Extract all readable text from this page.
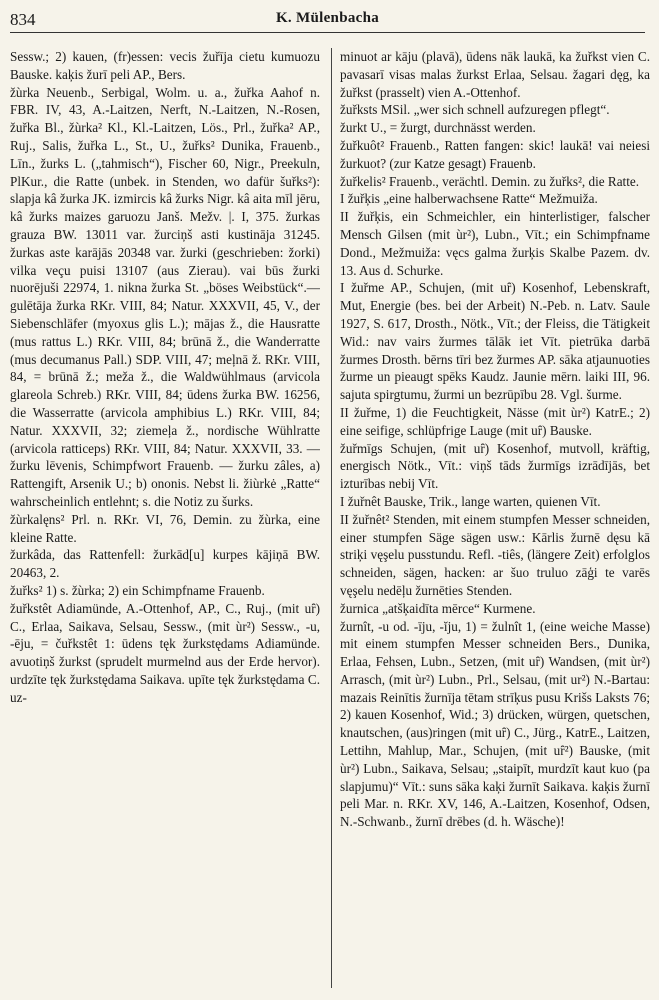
834	K. Mülenbacha

Sessw.; 2) kauen, (fr)essen: vecis žuřīja cietu kumuozu Bauske. kaķis žurī peli AP., Bers.

žùrka Neuenb., Serbigal, Wolm. u. a., žuřka Aahof n. FBR. IV, 43, A.-Laitzen, Nerft, N.-Laitzen, N.-Rosen, žuřka Bl., žùrka² Kl., Kl.-Laitzen, Lös., Prl., žuřka² AP., Ruj., Salis, žuřka L., St., U., žuřks² Dunika, Frauenb., Līn., žurks L. („tahmisch“), Fischer 60, Nigr., Preekuln, PlKur., die Ratte (unbek. in Stenden, wo dafür šuřks²): slapja kâ žurka JK. izmircis kâ žurks Nigr. kâ aita mīl jēru, kâ žurks maizes garuozu Janš. Mežv. |. I, 375. žurkas grauza BW. 13011 var. žurciņš asti kustināja 31245. žurkas aste karājās 20348 var. žurki (geschrieben: žorki) vilka veçu puisi 13107 (aus Zierau). vai būs žurki nuorējuši 22974, 1. nikna žurka St. „böses Weibstück“.— gulētāja žurka RKr. VIII, 84; Natur. XXXVII, 45, V., der Siebenschläfer (myoxus glis L.); mājas ž., die Hausratte (mus rattus L.) RKr. VIII, 84; brūnā ž., die Wanderratte (mus decumanus Pall.) SDP. VIII, 47; meļnā ž. RKr. VIII, 84, = brūnā ž.; meža ž., die Waldwühlmaus (arvicola glareola Schreb.) RKr. VIII, 84; ūdens žurka BW. 16256, die Wasserratte (arvicola amphibius L.) RKr. VIII, 84; Natur. XXXVII, 32; ziemeļa ž., nordische Wühlratte (arvicola ratticeps) RKr. VIII, 84; Natur. XXXVII, 33. — žurku lēvenis, Schimpfwort Frauenb. — žurku zâles, a) Rattengift, Arsenik U.; b) ononis. Nebst li. žiùrkė „Ratte“ wahrscheinlich entlehnt; s. die Notiz zu šurks.

žùrkalęns² Prl. n. RKr. VI, 76, Demin. zu žùrka, eine kleine Ratte.

žurkâda, das Rattenfell: žurkād[u] kurpes kājiņā BW. 20463, 2.

žuřks² 1) s. žùrka; 2) ein Schimpfname Frauenb.

žuřkstêt Adiamünde, A.-Ottenhof, AP., C., Ruj., (mit uȓ) C., Erlaa, Saikava, Selsau, Sessw., (mit ùr²) Sessw., -u, -ēju, = čuřkstêt 1: ūdens tęk žurkstędams Adiamünde. avuotiņš žurkst (sprudelt murmelnd aus der Erde hervor). urdzīte tęk žurkstędama Saikava. upīte tęk žurkstędama C. uz-

minuot ar kāju (plavā), ūdens nāk laukā, ka žuřkst vien C. pavasarī visas malas žurkst Erlaa, Selsau. žagari dęg, ka žuřkst (prasselt) vien A.-Ottenhof.

žuřksts MSil. „wer sich schnell aufzuregen pflegt“.

žurkt U., = žurgt, durchnässt werden.

žuřkuôt² Frauenb., Ratten fangen: skic! laukā! vai neiesi žurkuot? (zur Katze gesagt) Frauenb.

žuřkelis² Frauenb., verächtl. Demin. zu žuřks², die Ratte.

I žuřķis „eine halberwachsene Ratte“ Mežmuiža.

II žuřķis, ein Schmeichler, ein hinterlistiger, falscher Mensch Gilsen (mit ùr²), Lubn., Vīt.; ein Schimpfname Dond., Mežmuiža: vęcs galma žurķis Skalbe Pazem. dv. 13. Aus d. Schurke.

I žuřme AP., Schujen, (mit uȓ) Kosenhof, Lebenskraft, Mut, Energie (bes. bei der Arbeit) N.-Peb. n. Latv. Saule 1927, S. 617, Drosth., Nötk., Vīt.; der Fleiss, die Tätigkeit Wid.: nav vairs žurmes tālāk iet Vīt. pietrūka darbā žurmes Drosth. bērns tīri bez žurmes AP. sāka atjaunuoties žurme un pieaugt spēks Kaudz. Jaunie mērn. laiki III, 96. sajuta spirgtumu, žurmi un bezrūpību 28. Vgl. šurme.

II žuřme, 1) die Feuchtigkeit, Nässe (mit ùr²) KatrE.; 2) eine seifige, schlüpfrige Lauge (mit uȓ) Bauske.

žuřmīgs Schujen, (mit uȓ) Kosenhof, mutvoll, kräftig, energisch Nötk., Vīt.: viņš tāds žurmīgs izrādījās, bet izturības nebij Vīt.

I žuřnêt Bauske, Trik., lange warten, quienen Vīt.

II žuřnêt² Stenden, mit einem stumpfen Messer schneiden, einer stumpfen Säge sägen usw.: Kārlis žurnē dęsu kā striķi vęşelu pusstundu. Refl. -tiês, (längere Zeit) erfolglos schneiden, sägen, hacken: ar šuo truluo zāģi te varēs vęşelu nedēļu žurnēties Stenden.

žurnica „atšķaidīta mērce“ Kurmene.

žurnît, -u od. -īju, -ĭju, 1) = žulnît 1, (eine weiche Masse) mit einem stumpfen Messer schneiden Bers., Dunika, Erlaa, Fehsen, Lubn., Setzen, (mit uȓ) Wandsen, (mit ùr²) Arrasch, (mit ùr²) Lubn., Prl., Selsau, (mit ur²) N.-Bartau: mazais Reinītis žurnīja tētam strīķus pusu Krišs Laksts 76; 2) kauen Kosenhof, Wid.; 3) drücken, würgen, quetschen, knautschen, (aus)ringen (mit uȓ) C., Jürg., KatrE., Laitzen, Lettihn, Mahlup, Mar., Schujen, (mit uȓ²) Bauske, (mit ùr²) Lubn., Saikava, Selsau; „staipīt, murdzīt kaut kuo (pa slapjumu)“ Vīt.: suns sāka kaķi žurnīt Saikava. kaķis žurnī peli Mar. n. RKr. XV, 146, A.-Laitzen, Kosenhof, Odsen, N.-Schwanb., žurnī drēbes (d. h. Wäsche)!
